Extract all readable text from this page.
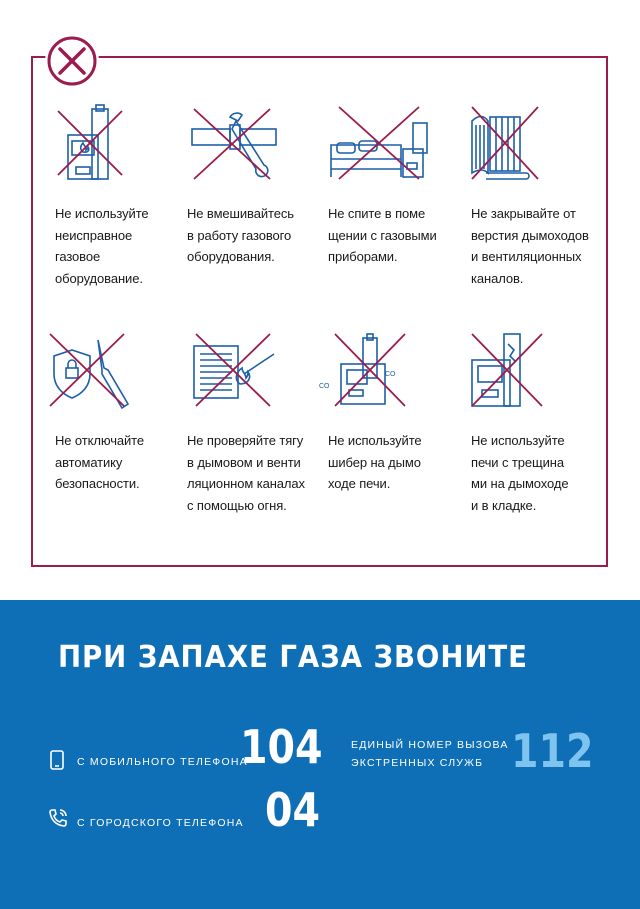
Не используйте
неисправное
газовое
оборудование.
Не вмешивайтесь
в работу газового
оборудования.
Не спите в поме
щении с газовыми
приборами.
Не закрывайте от
верстия дымоходов
и вентиляционных
каналов.
Не отключайте
автоматику
безопасности.
Не проверяйте тягу
в дымовом и венти
ляционном каналах
с помощью огня.
CO
CO
Не используйте
шибер на дымо
ходе печи.
Не используйте
печи с трещина
ми на дымоходе
и в кладке.
ПРИ ЗАПАХЕ ГАЗА ЗВОНИТЕ
С МОБИЛЬНОГО ТЕЛЕФОНА
104
С ГОРОДСКОГО ТЕЛЕФОНА 04
ЕДИНЫЙ НОМЕР ВЫЗОВА
ЭКСТРЕННЫХ СЛУЖБ 112
